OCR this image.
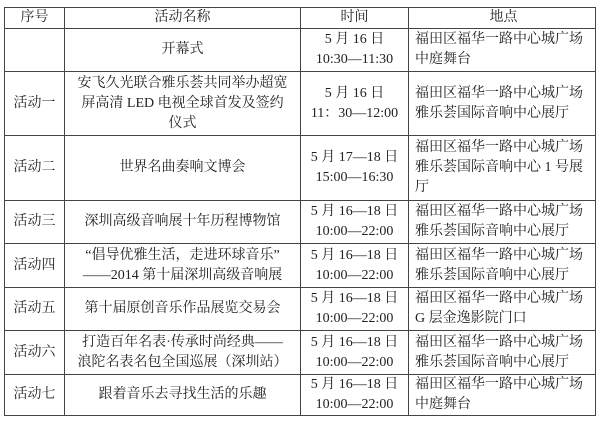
序号	活动名称	时间	地点
	开幕式	5 月 16 日
10:30—11:30	福田区福华一路中心城广场
中庭舞台
活动一	安飞久光联合雅乐荟共同举办超宽
屏高清 LED 电视全球首发及签约
仪式	5 月 16 日
11：30—12:00	福田区福华一路中心城广场
雅乐荟国际音响中心展厅
活动二	世界名曲奏响文博会	5 月 17—18 日
15:00—16:30	福田区福华一路中心城广场
雅乐荟国际音响中心 1 号展
厅
活动三	深圳高级音响展十年历程博物馆	5 月 16—18 日
10:00—22:00	福田区福华一路中心城广场
雅乐荟国际音响中心展厅
活动四	“倡导优雅生活，走进环球音乐”
——2014 第十届深圳高级音响展	5 月 16—18 日
10:00—22:00	福田区福华一路中心城广场
雅乐荟国际音响中心展厅
活动五	第十届原创音乐作品展览交易会	5 月 16—18 日
10:00—22:00	福田区福华一路中心城广场
G 层金逸影院门口
活动六	打造百年名表·传承时尚经典——
浪陀名表名包全国巡展（深圳站）	5 月 16—18 日
10:00—22:00	福田区福华一路中心城广场
雅乐荟国际音响中心展厅
活动七	跟着音乐去寻找生活的乐趣	5 月 16—18 日
10:00—22:00	福田区福华一路中心城广场
中庭舞台
